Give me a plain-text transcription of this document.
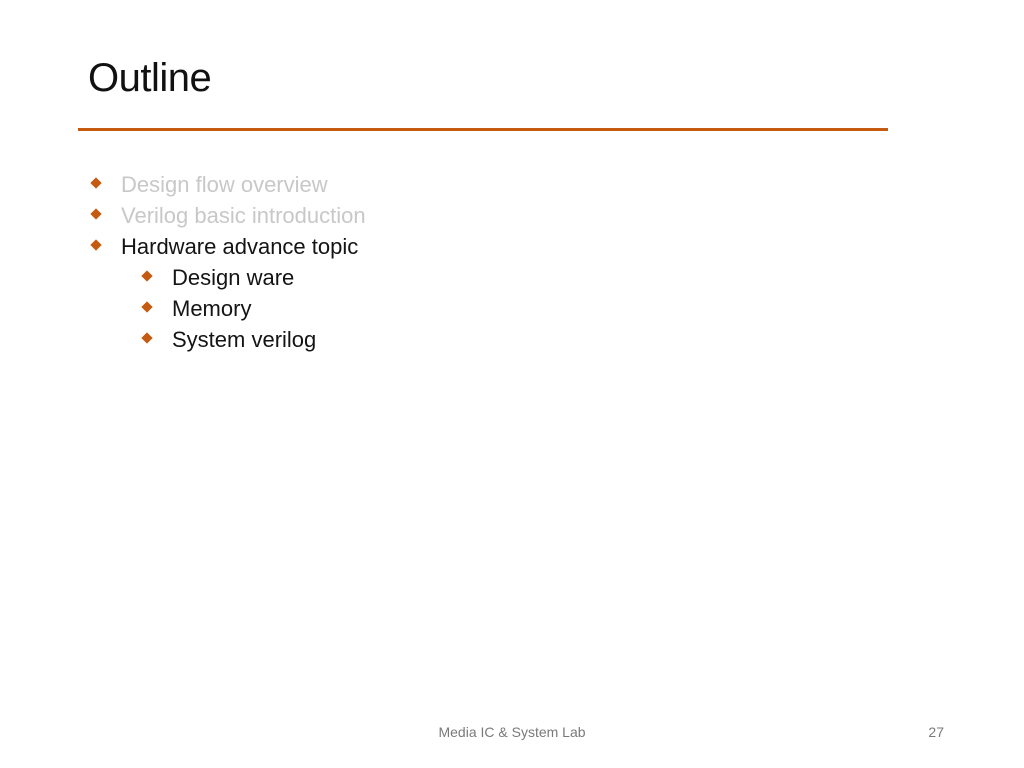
Outline
Design flow overview
Verilog basic introduction
Hardware advance topic
Design ware
Memory
System verilog
Media IC & System Lab	27
